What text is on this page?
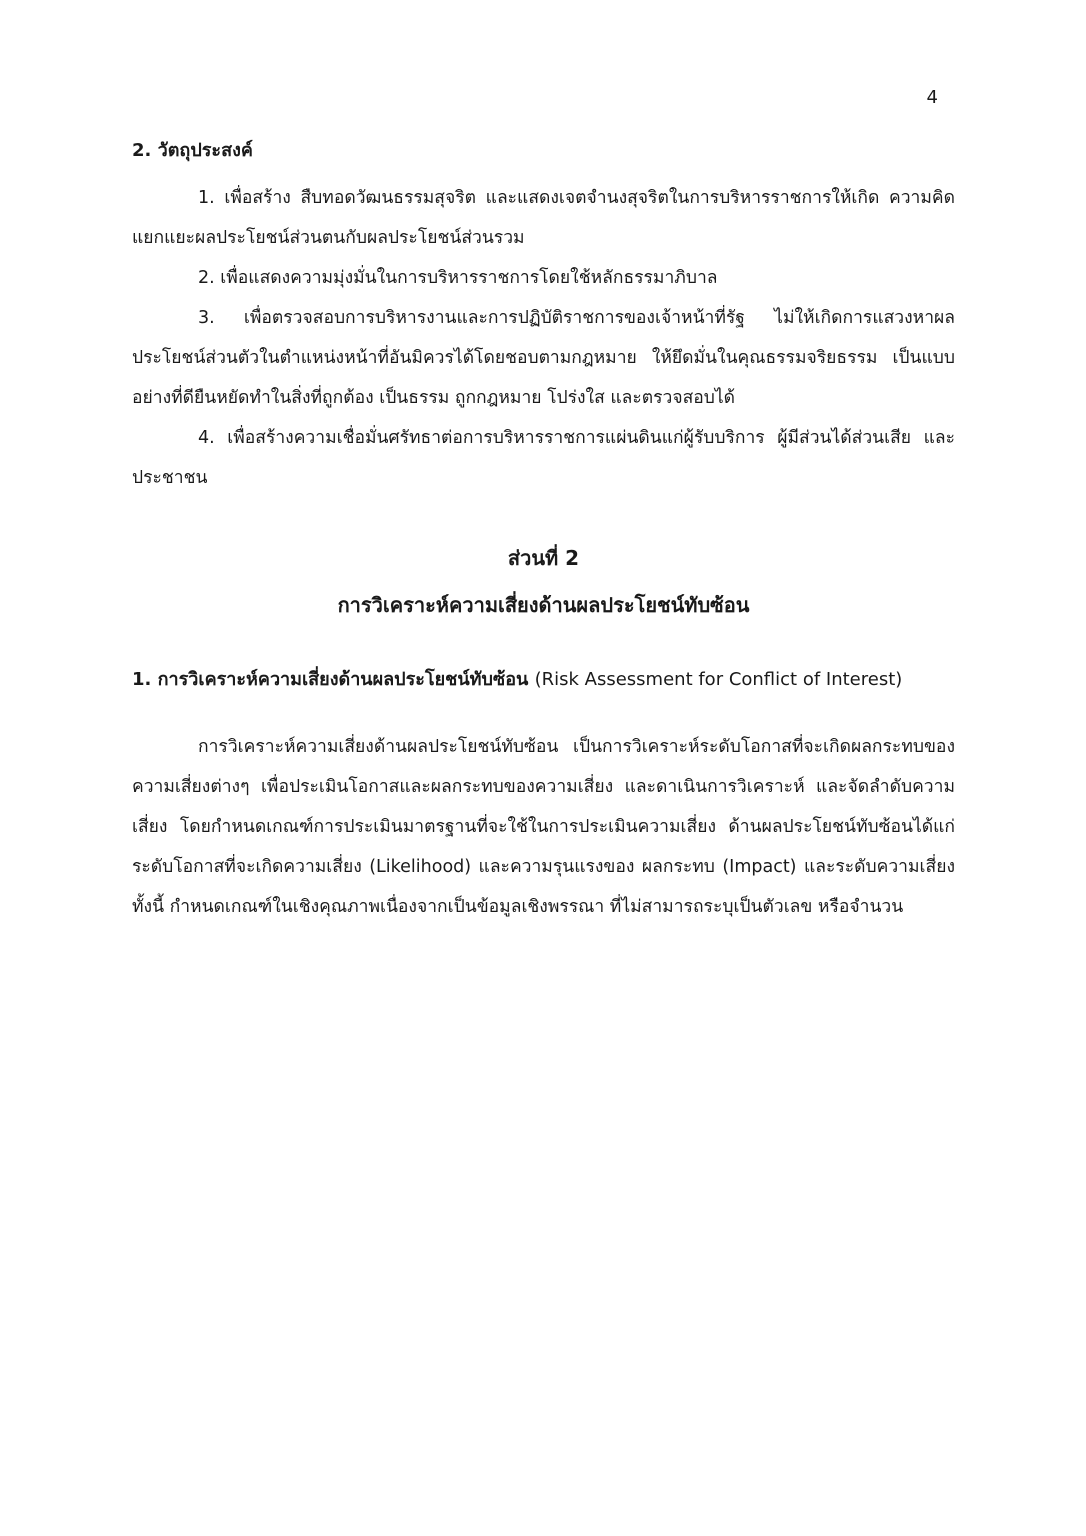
4
2. วัตถุประสงค์
1. เพื่อสร้าง สืบทอดวัฒนธรรมสุจริต และแสดงเจตจำนงสุจริตในการบริหารราชการให้เกิด ความคิดแยกแยะผลประโยชน์ส่วนตนกับผลประโยชน์ส่วนรวม
2. เพื่อแสดงความมุ่งมั่นในการบริหารราชการโดยใช้หลักธรรมาภิบาล
3. เพื่อตรวจสอบการบริหารงานและการปฏิบัติราชการของเจ้าหน้าที่รัฐ ไม่ให้เกิดการแสวงหาผลประโยชน์ส่วนตัวในตำแหน่งหน้าที่อันมิควรได้โดยชอบตามกฎหมาย ให้ยึดมั่นในคุณธรรมจริยธรรม เป็นแบบอย่างที่ดียืนหยัดทำในสิ่งที่ถูกต้อง เป็นธรรม ถูกกฎหมาย โปร่งใส และตรวจสอบได้
4. เพื่อสร้างความเชื่อมั่นศรัทธาต่อการบริหารราชการแผ่นดินแก่ผู้รับบริการ ผู้มีส่วนได้ส่วนเสีย และประชาชน
ส่วนที่ 2
การวิเคราะห์ความเสี่ยงด้านผลประโยชน์ทับซ้อน
1. การวิเคราะห์ความเสี่ยงด้านผลประโยชน์ทับซ้อน (Risk Assessment for Conflict of Interest)

การวิเคราะห์ความเสี่ยงด้านผลประโยชน์ทับซ้อน เป็นการวิเคราะห์ระดับโอกาสที่จะเกิดผลกระทบของ ความเสี่ยงต่างๆ เพื่อประเมินโอกาสและผลกระทบของความเสี่ยง และดาเนินการวิเคราะห์ และจัดลำดับความเสี่ยง โดยกำหนดเกณฑ์การประเมินมาตรฐานที่จะใช้ในการประเมินความเสี่ยง ด้านผลประโยชน์ทับซ้อนได้แก่ ระดับโอกาสที่จะเกิดความเสี่ยง (Likelihood) และความรุนแรงของ ผลกระทบ (Impact) และระดับความเสี่ยง ทั้งนี้ กำหนดเกณฑ์ในเชิงคุณภาพเนื่องจากเป็นข้อมูลเชิงพรรณา ที่ไม่สามารถระบุเป็นตัวเลข หรือจำนวน
